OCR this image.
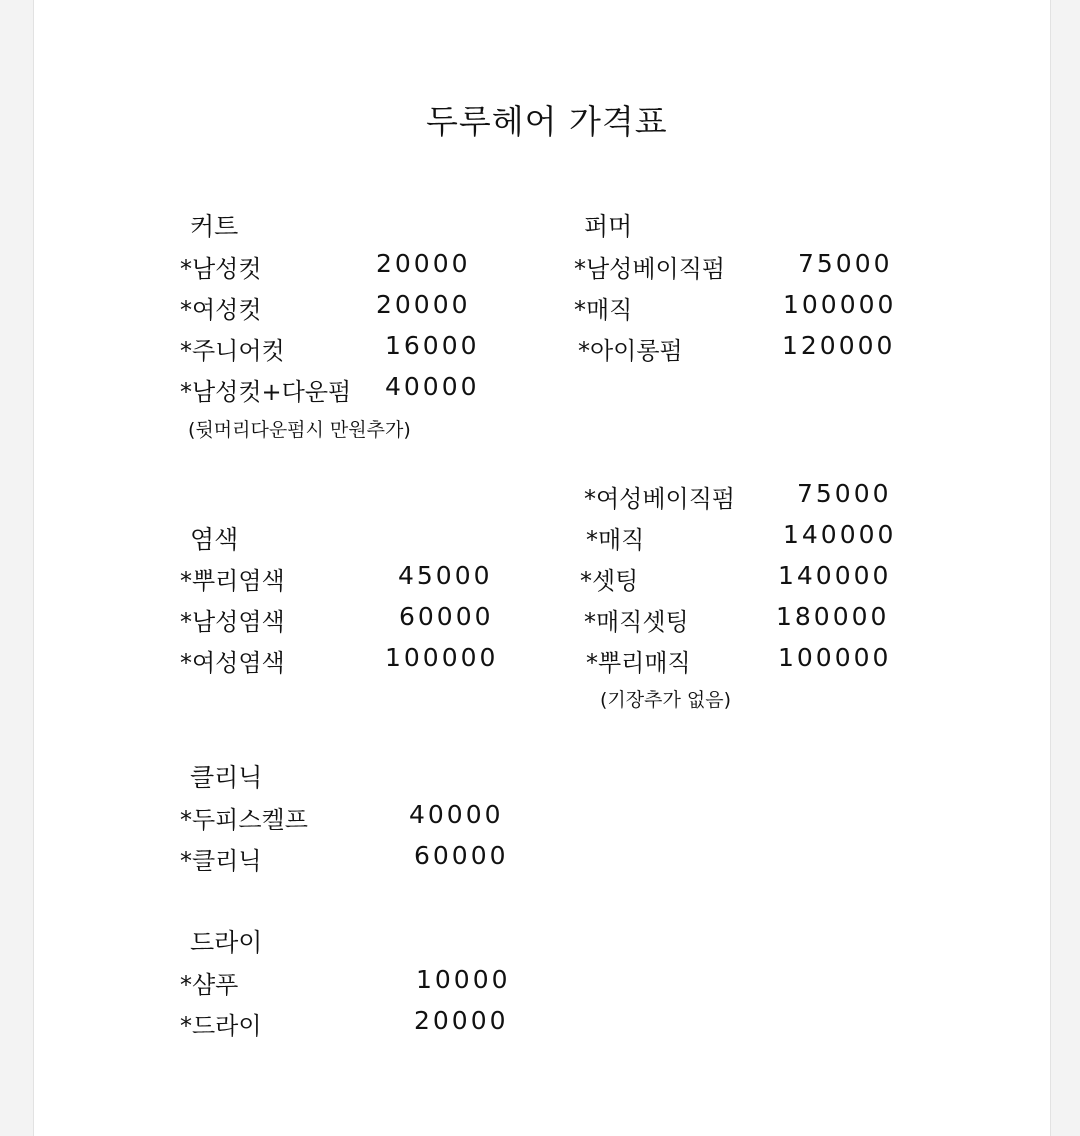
두루헤어 가격표
커트
*남성컷	20000
*여성컷	20000
*주니어컷	16000
*남성컷+다운펌 40000
(뒷머리다운펌시 만원추가)
퍼머
*남성베이직펌	75000
*매직	100000
*아이롱펌	120000
*여성베이직펌 75000
*매직	140000
*셋팅	140000
*매직셋팅	180000
*뿌리매직	100000
(기장추가 없음)
염색
*뿌리염색	45000
*남성염색	60000
*여성염색	100000
클리닉
*두피스켈프	40000
*클리닉	60000
드라이
*샴푸	10000
*드라이	20000
